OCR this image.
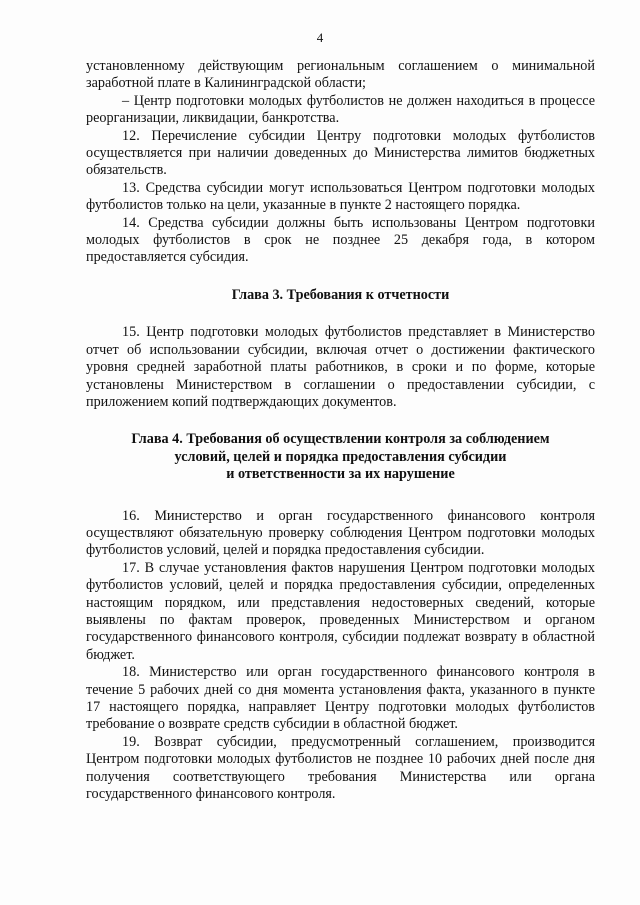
4

установленному действующим региональным соглашением о минимальной заработной плате в Калининградской области;

– Центр подготовки молодых футболистов не должен находиться в процессе реорганизации, ликвидации, банкротства.

12. Перечисление субсидии Центру подготовки молодых футболистов осуществляется при наличии доведенных до Министерства лимитов бюджетных обязательств.

13. Средства субсидии могут использоваться Центром подготовки молодых футболистов только на цели, указанные в пункте 2 настоящего порядка.

14. Средства субсидии должны быть использованы Центром подготовки молодых футболистов в срок не позднее 25 декабря года, в котором предоставляется субсидия.

Глава 3. Требования к отчетности

15. Центр подготовки молодых футболистов представляет в Министерство отчет об использовании субсидии, включая отчет о достижении фактического уровня средней заработной платы работников, в сроки и по форме, которые установлены Министерством в соглашении о предоставлении субсидии, с приложением копий подтверждающих документов.

Глава 4. Требования об осуществлении контроля за соблюдением
условий, целей и порядка предоставления субсидии
и ответственности за их нарушение

16. Министерство и орган государственного финансового контроля осуществляют обязательную проверку соблюдения Центром подготовки молодых футболистов условий, целей и порядка предоставления субсидии.

17. В случае установления фактов нарушения Центром подготовки молодых футболистов условий, целей и порядка предоставления субсидии, определенных настоящим порядком, или представления недостоверных сведений, которые выявлены по фактам проверок, проведенных Министерством и органом государственного финансового контроля, субсидии подлежат возврату в областной бюджет.

18. Министерство или орган государственного финансового контроля в течение 5 рабочих дней со дня момента установления факта, указанного в пункте 17 настоящего порядка, направляет Центру подготовки молодых футболистов требование о возврате средств субсидии в областной бюджет.

19. Возврат субсидии, предусмотренный соглашением, производится Центром подготовки молодых футболистов не позднее 10 рабочих дней после дня получения соответствующего требования Министерства или органа государственного финансового контроля.
